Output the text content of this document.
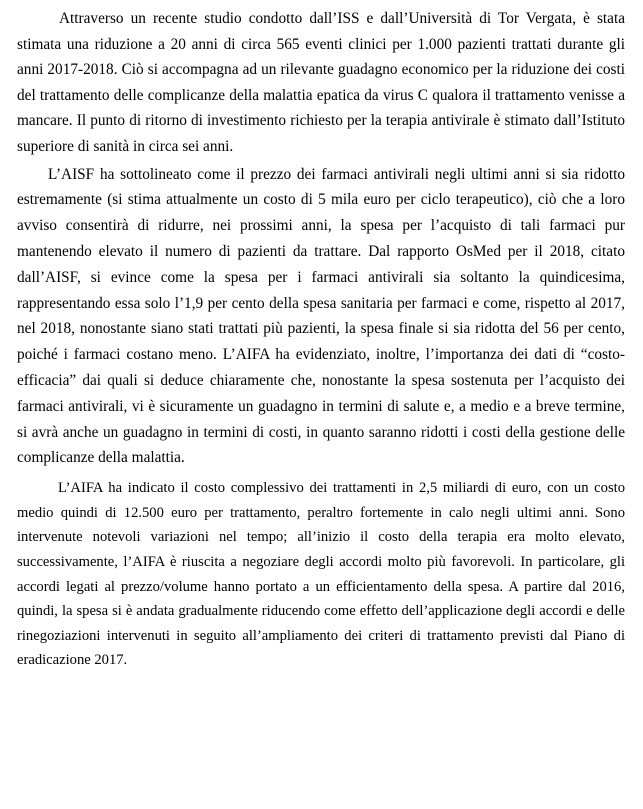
Attraverso un recente studio condotto dall’ISS e dall’Università di Tor Vergata, è stata stimata una riduzione a 20 anni di circa 565 eventi clinici per 1.000 pazienti trattati durante gli anni 2017-2018. Ciò si accompagna ad un rilevante guadagno economico per la riduzione dei costi del trattamento delle complicanze della malattia epatica da virus C qualora il trattamento venisse a mancare. Il punto di ritorno di investimento richiesto per la terapia antivirale è stimato dall’Istituto superiore di sanità in circa sei anni.

L’AISF ha sottolineato come il prezzo dei farmaci antivirali negli ultimi anni si sia ridotto estremamente (si stima attualmente un costo di 5 mila euro per ciclo terapeutico), ciò che a loro avviso consentirà di ridurre, nei prossimi anni, la spesa per l’acquisto di tali farmaci pur mantenendo elevato il numero di pazienti da trattare. Dal rapporto OsMed per il 2018, citato dall’AISF, si evince come la spesa per i farmaci antivirali sia soltanto la quindicesima, rappresentando essa solo l’1,9 per cento della spesa sanitaria per farmaci e come, rispetto al 2017, nel 2018, nonostante siano stati trattati più pazienti, la spesa finale si sia ridotta del 56 per cento, poiché i farmaci costano meno. L’AIFA ha evidenziato, inoltre, l’importanza dei dati di “costo-efficacia” dai quali si deduce chiaramente che, nonostante la spesa sostenuta per l’acquisto dei farmaci antivirali, vi è sicuramente un guadagno in termini di salute e, a medio e a breve termine, si avrà anche un guadagno in termini di costi, in quanto saranno ridotti i costi della gestione delle complicanze della malattia.

L’AIFA ha indicato il costo complessivo dei trattamenti in 2,5 miliardi di euro, con un costo medio quindi di 12.500 euro per trattamento, peraltro fortemente in calo negli ultimi anni. Sono intervenute notevoli variazioni nel tempo; all’inizio il costo della terapia era molto elevato, successivamente, l’AIFA è riuscita a negoziare degli accordi molto più favorevoli. In particolare, gli accordi legati al prezzo/volume hanno portato a un efficientamento della spesa. A partire dal 2016, quindi, la spesa si è andata gradualmente riducendo come effetto dell’applicazione degli accordi e delle rinegoziazioni intervenuti in seguito all’ampliamento dei criteri di trattamento previsti dal Piano di eradicazione 2017.
